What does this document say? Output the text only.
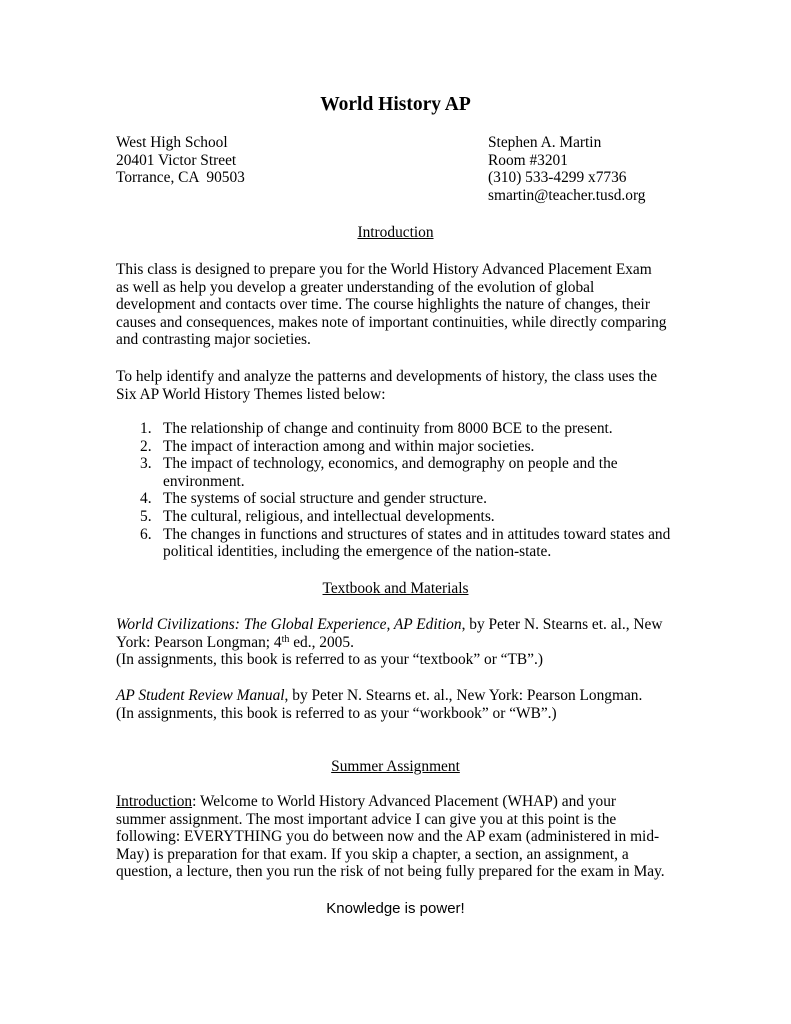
World History AP
West High School
20401 Victor Street
Torrance, CA  90503
Stephen A. Martin
Room #3201
(310) 533-4299 x7736
smartin@teacher.tusd.org
Introduction
This class is designed to prepare you for the World History Advanced Placement Exam
as well as help you develop a greater understanding of the evolution of global
development and contacts over time. The course highlights the nature of changes, their
causes and consequences, makes note of important continuities, while directly comparing
and contrasting major societies.
To help identify and analyze the patterns and developments of history, the class uses the
Six AP World History Themes listed below:
1. The relationship of change and continuity from 8000 BCE to the present.
2. The impact of interaction among and within major societies.
3. The impact of technology, economics, and demography on people and the
environment.
4. The systems of social structure and gender structure.
5. The cultural, religious, and intellectual developments.
6. The changes in functions and structures of states and in attitudes toward states and
political identities, including the emergence of the nation-state.
Textbook and Materials
World Civilizations: The Global Experience, AP Edition, by Peter N. Stearns et. al., New
York: Pearson Longman; 4th ed., 2005.
(In assignments, this book is referred to as your “textbook” or “TB”.)
AP Student Review Manual, by Peter N. Stearns et. al., New York: Pearson Longman.
(In assignments, this book is referred to as your “workbook” or “WB”.)
Summer Assignment
Introduction: Welcome to World History Advanced Placement (WHAP) and your
summer assignment. The most important advice I can give you at this point is the
following: EVERYTHING you do between now and the AP exam (administered in mid-
May) is preparation for that exam. If you skip a chapter, a section, an assignment, a
question, a lecture, then you run the risk of not being fully prepared for the exam in May.
Knowledge is power!
